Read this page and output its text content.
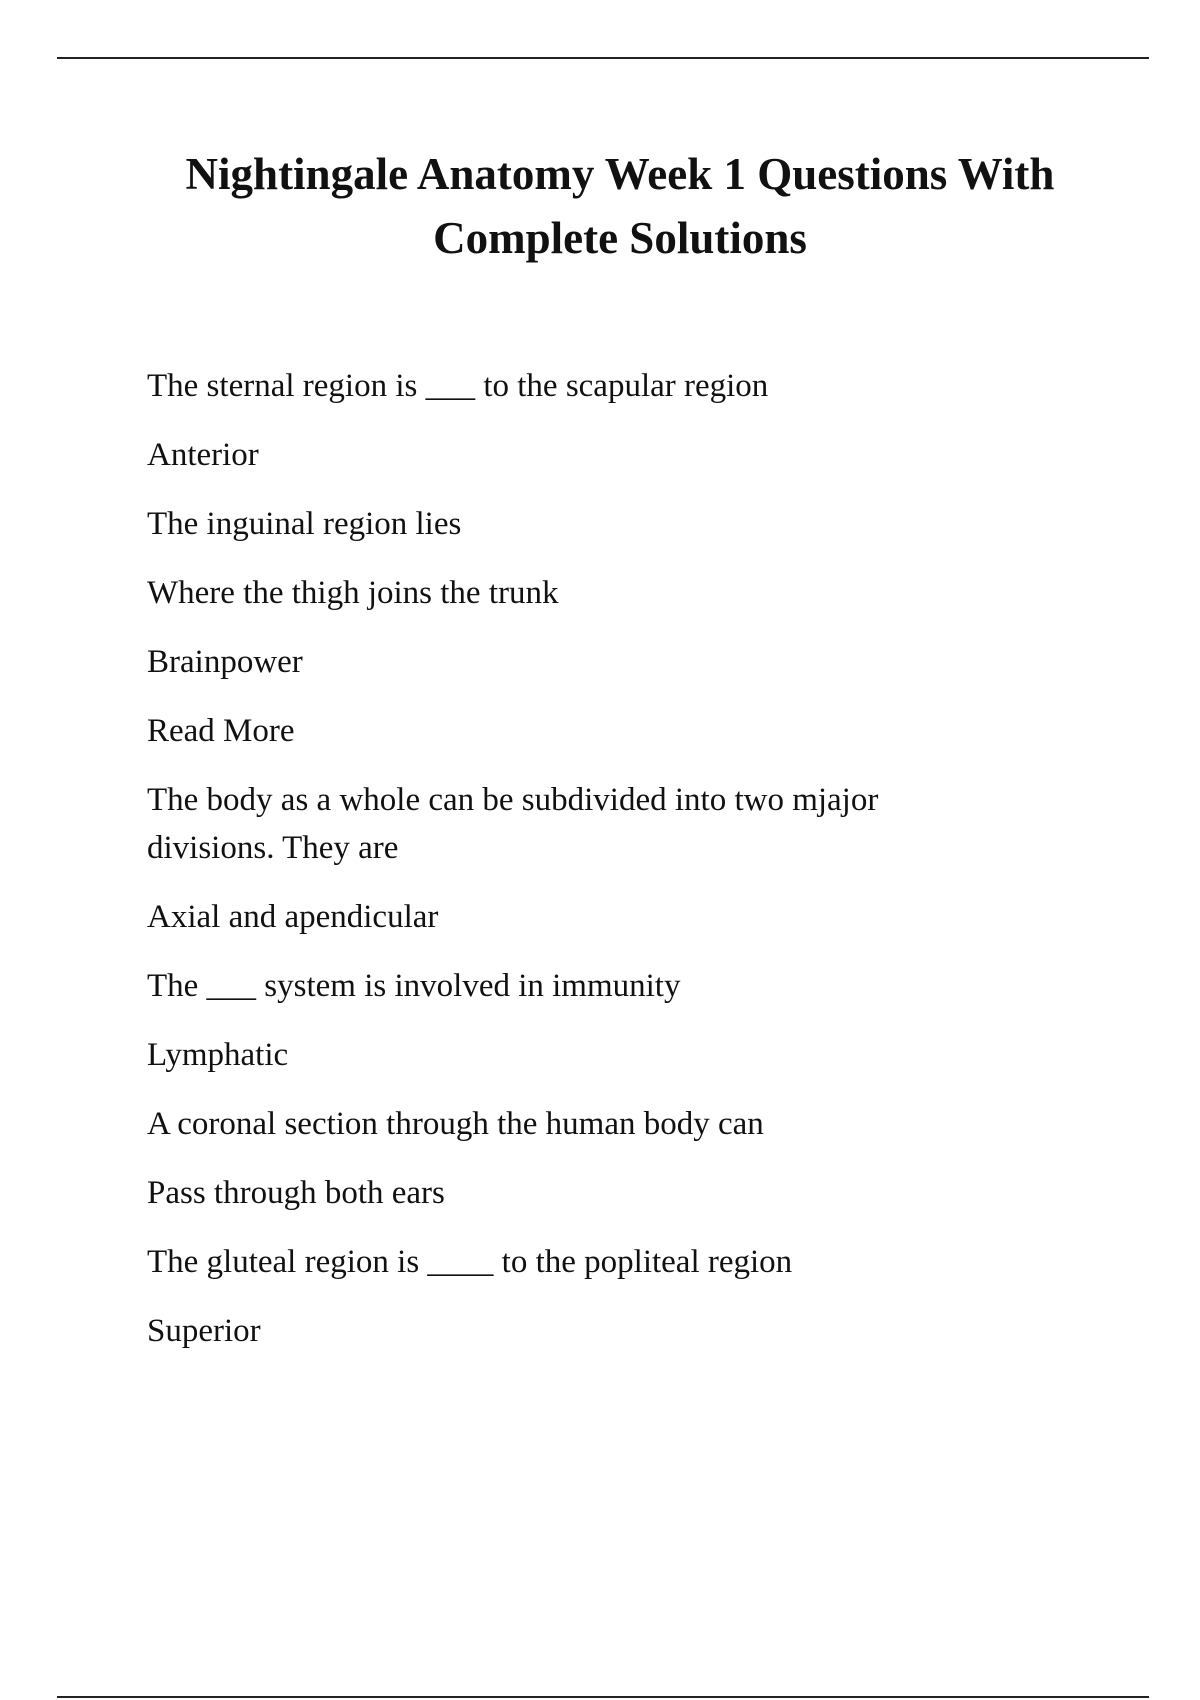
Nightingale Anatomy Week 1 Questions With Complete Solutions

The sternal region is ___ to the scapular region

Anterior

The inguinal region lies

Where the thigh joins the trunk

Brainpower

Read More

The body as a whole can be subdivided into two mjajor divisions. They are

Axial and apendicular

The ___ system is involved in immunity

Lymphatic

A coronal section through the human body can

Pass through both ears

The gluteal region is ____ to the popliteal region

Superior
